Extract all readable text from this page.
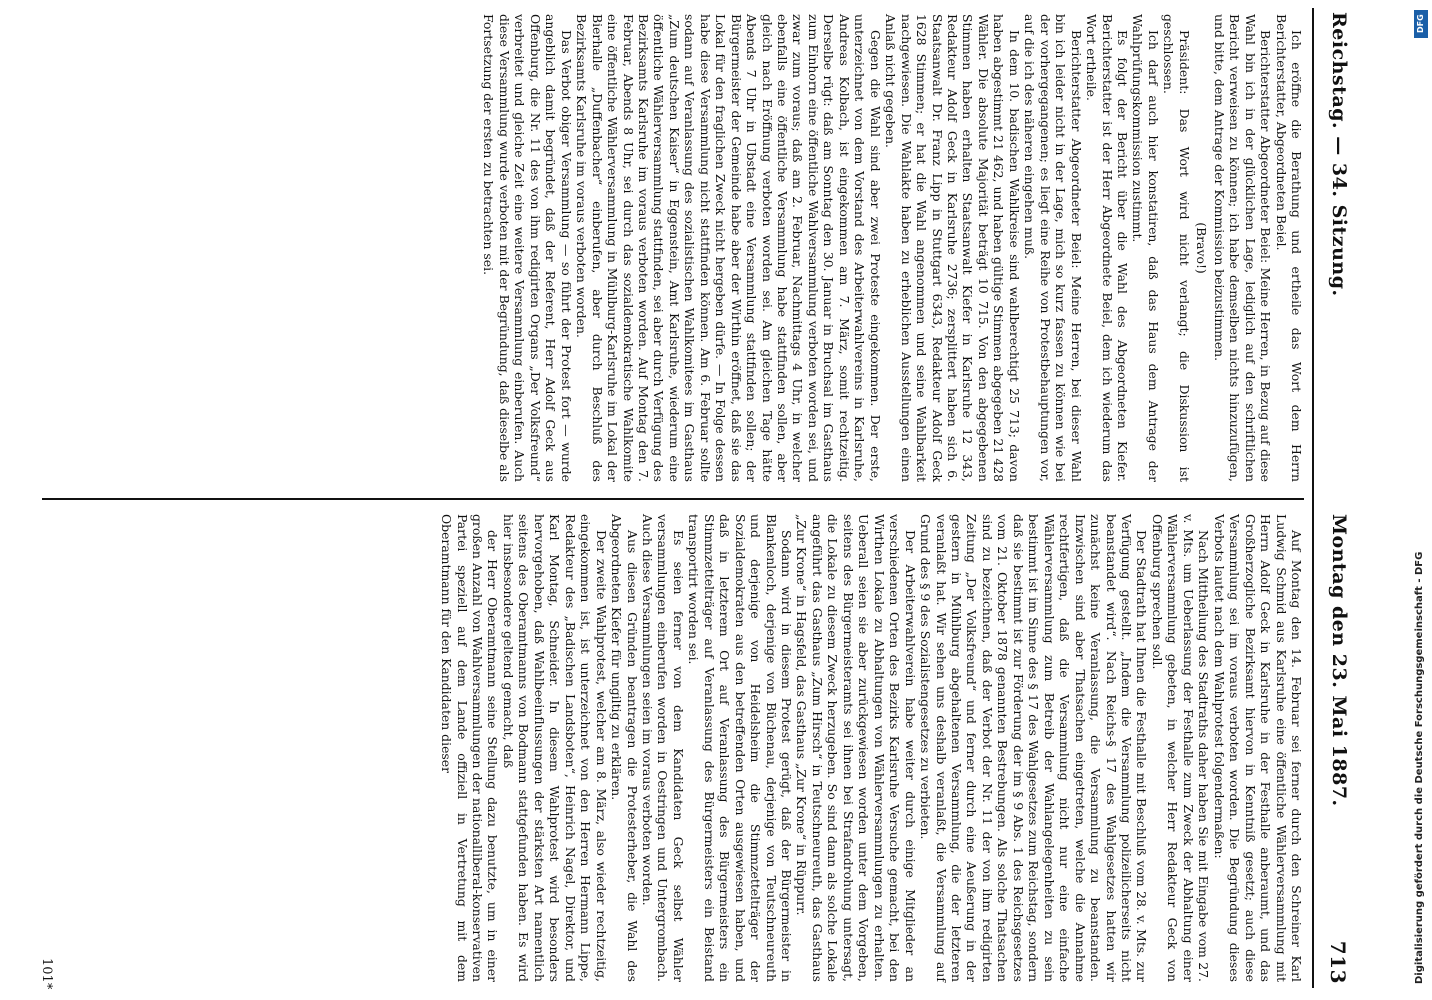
Reichstag. — 34. Sitzung.
Montag den 23. Mai 1887.
713

Ich eröffne die Berathung und ertheile das Wort dem Herrn Berichterstatter, Abgeordneten Beiel.

Berichterstatter Abgeordneter Beiel: Meine Herren, in Bezug auf diese Wahl bin ich in der glücklichen Lage, lediglich auf den schriftlichen Bericht verweisen zu können; ich habe demselben nichts hinzuzufügen, und bitte, dem Antrage der Kommission beizustimmen.

(Bravo!)

Präsident: Das Wort wird nicht verlangt; die Diskussion ist geschlossen.

Ich darf auch hier konstatiren, daß das Haus dem Antrage der Wahlprüfungskommission zustimmt.

Es folgt der Bericht über die Wahl des Abgeordneten Kiefer. Berichterstatter ist der Herr Abgeordnete Beiel, dem ich wiederum das Wort ertheile.

Berichterstatter Abgeordneter Beiel: Meine Herren, bei dieser Wahl bin ich leider nicht in der Lage, mich so kurz fassen zu können wie bei der vorhergegangenen; es liegt eine Reihe von Protestbehauptungen vor, auf die ich des näheren eingehen muß.

In dem 10. badischen Wahlkreise sind wahlberechtigt 25 713; davon haben abgestimmt 21 462, und haben gültige Stimmen abgegeben 21 428 Wähler. Die absolute Majorität beträgt 10 715. Von den abgegebenen Stimmen haben erhalten Staatsanwalt Kiefer in Karlsruhe 12 343, Redakteur Adolf Geck in Karlsruhe 2736; zersplittert haben sich 6. Staatsanwalt Dr. Franz Lipp in Stuttgart 6343, Redakteur Adolf Geck 1628 Stimmen; er hat die Wahl angenommen und seine Wahlbarkeit nachgewiesen. Die Wahlakte haben zu erheblichen Ausstellungen einen Anlaß nicht gegeben.

Gegen die Wahl sind aber zwei Proteste eingekommen. Der erste, unterzeichnet von dem Vorstand des Arbeiterwahlvereins in Karlsruhe, Andreas Kolbach, ist eingekommen am 7. März, somit rechtzeitig. Derselbe rügt: daß am Sonntag den 30. Januar in Bruchsal im Gasthaus zum Einhorn eine öffentliche Wahlversammlung verboten worden sei, und zwar zum voraus; daß am 2. Februar, Nachmittags 4 Uhr, in welcher ebenfalls eine öffentliche Versammlung habe stattfinden sollen, aber gleich nach Eröffnung verboten worden sei. Am gleichen Tage hätte Abends 7 Uhr in Ubstadt eine Versammlung stattfinden sollen; der Bürgermeister der Gemeinde habe aber der Wirthin eröffnet, daß sie das Lokal für den fraglichen Zweck nicht hergeben dürfe. — In Folge dessen habe diese Versammlung nicht stattfinden können. Am 6. Februar sollte sodann auf Veranlassung des sozialistischen Wahlkomitees im Gasthaus „Zum deutschen Kaiser“ in Eggenstein, Amt Karlsruhe, wiederum eine öffentliche Wählerversammlung stattfinden, sei aber durch Verfügung des Bezirksamts Karlsruhe im voraus verboten worden. Auf Montag den 7. Februar, Abends 8 Uhr, sei durch das sozialdemokratische Wahlkomite eine öffentliche Wählerversammlung in Mühlburg-Karlsruhe im Lokal der Bierhalle „Duffenbacher“ einberufen, aber durch Beschluß des Bezirksamts Karlsruhe im voraus verboten worden.

Das Verbot obiger Versammlung — so führt der Protest fort — wurde angeblich damit begründet, daß der Referent, Herr Adolf Geck aus Offenburg, die Nr. 11 des von ihm redigirten Organs „Der Volksfreund“ verbreitet und gleiche Zeit eine weitere Versammlung einberufen. Auch diese Versammlung wurde verboten mit der Begründung, daß dieselbe als Fortsetzung der ersten zu betrachten sei.

Auf Montag den 14. Februar sei ferner durch den Schreiner Karl Ludwig Schmid aus Karlsruhe eine öffentliche Wählerversammlung mit Herrn Adolf Geck in Karlsruhe in der Festhalle anberaumt, und das Großherzogliche Bezirksamt hiervon in Kenntniß gesetzt; auch diese Versammlung sei im voraus verboten worden. Die Begründung dieses Verbots lautet nach dem Wahlprotest folgendermaßen:

Nach Mittheilung des Stadtraths daher haben Sie mit Eingabe vom 27. v. Mts. um Ueberlassung der Festhalle zum Zweck der Abhaltung einer Wählerversammlung gebeten, in welcher Herr Redakteur Geck von Offenburg sprechen soll.

Der Stadtrath hat Ihnen die Festhalle mit Beschluß vom 28. v. Mts. zur Verfügung gestellt. „Indem die Versammlung polizeilicherseits nicht beanstandet wird“. Nach Reichs-§ 17 des Wahlgesetzes hatten wir zunächst keine Veranlassung, die Versammlung zu beanstanden. Inzwischen sind aber Thatsachen eingetreten, welche die Annahme rechtfertigen, daß die Versammlung nicht nur eine einfache Wählerversammlung zum Betreib der Wahlangelegenheiten zu sein bestimmt ist im Sinne des § 17 des Wahlgesetzes zum Reichstag, sondern daß sie bestimmt ist zur Förderung der im § 9 Abs. 1 des Reichsgesetzes vom 21. Oktober 1878 genannten Bestrebungen. Als solche Thatsachen sind zu bezeichnen, daß der Verbot der Nr. 11 der von ihm redigirten Zeitung „Der Volksfreund“ und ferner durch eine Aeußerung in der gestern in Mühlburg abgehaltenen Versammlung, die der letzteren veranlaßt hat. Wir sehen uns deshalb veranlaßt, die Versammlung auf Grund des § 9 des Sozialistengesetzes zu verbieten.

Der Arbeiterwahlverein habe weiter durch einige Mitglieder an verschiedenen Orten des Bezirks Karlsruhe Versuche gemacht, bei den Wirthen Lokale zu Abhaltungen von Wählerversammlungen zu erhalten. Ueberall seien sie aber zurückgewiesen worden unter dem Vorgeben, seitens des Bürgermeisteramts sei ihnen bei Strafandrohung untersagt, die Lokale zu diesem Zweck herzugeben. So sind dann als solche Lokale angeführt das Gasthaus „Zum Hirsch“ in Teutschneureuth, das Gasthaus „Zur Krone“ in Hagsfeld, das Gasthaus „Zur Krone“ in Rüppurr.

Sodann wird in diesem Protest gerügt, daß der Bürgermeister in Blankenloch, derjenige von Büchenau, derjenige von Teutschneureuth und derjenige von Heidelsheim die Stimmzettelträger der Sozialdemokraten aus den betreffenden Orten ausgewiesen haben, und daß in letzterem Ort auf Veranlassung des Bürgermeisters ein Stimmzettelträger auf Veranlassung des Bürgermeisters ein Beistand transportirt worden sei.

Es seien ferner von dem Kandidaten Geck selbst Wähler versammlungen einberufen worden in Oestringen und Untergrombach. Auch diese Versammlungen seien im voraus verboten worden.

Aus diesen Gründen beantragen die Protesterheber, die Wahl des Abgeordneten Kiefer für ungiltig zu erklären.

Der zweite Wahlprotest, welcher am 8. März, also wieder rechtzeitig, eingekommen ist, ist unterzeichnet von den Herren Hermann Lippe, Redakteur des „Badischen Landsboten“, Heinrich Nagel, Direktor, und Karl Montag, Schneider. In diesem Wahlprotest wird besonders hervorgehoben, daß Wahlbeeinflussungen der stärksten Art namentlich seitens des Oberamtmanns von Bodmann stattgefunden haben. Es wird hier insbesondere geltend gemacht, daß

der Herr Oberamtmann seine Stellung dazu benutzte, um in einer großen Anzahl von Wahlversammlungen der nationalliberal-konservativen Partei speziell auf dem Lande offiziell in Vertretung mit dem Oberamtmann für den Kandidaten dieser

101*
DFG
Digitalisierung gefördert durch die Deutsche Forschungsgemeinschaft - DFG
